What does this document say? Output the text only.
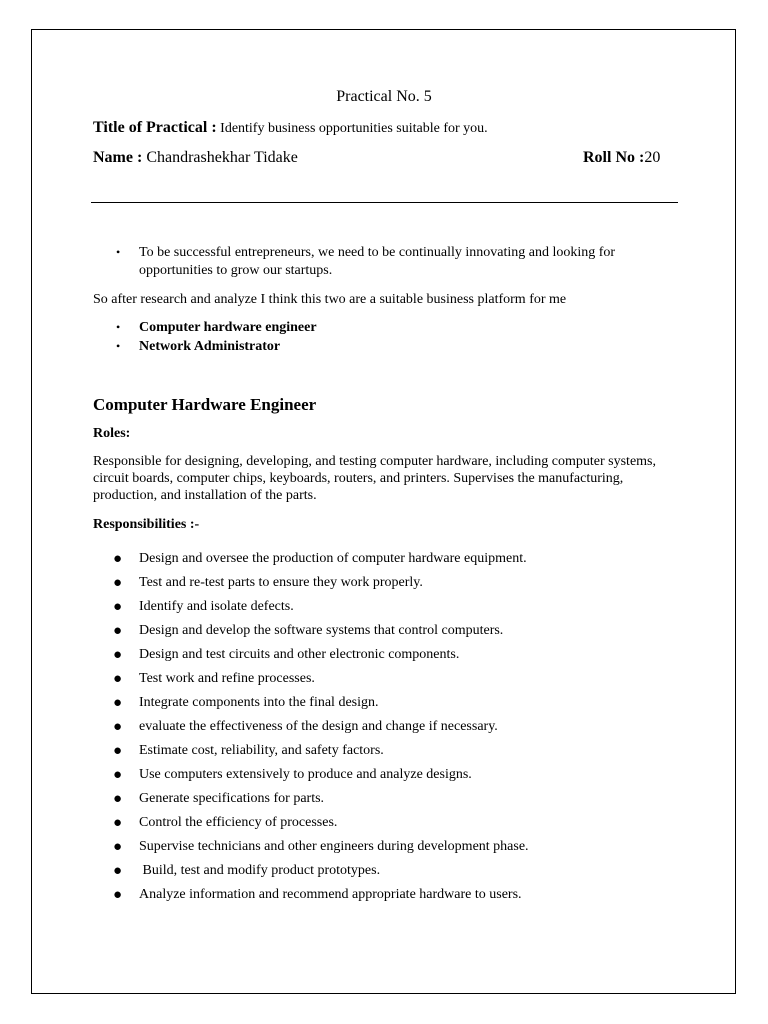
Practical No. 5
Title of Practical : Identify business opportunities suitable for you.
Name : Chandrashekhar Tidake	Roll No :20
• To be successful entrepreneurs, we need to be continually innovating and looking for
opportunities to grow our startups.
So after research and analyze I think this two are a suitable business platform for me
• Computer hardware engineer
• Network Administrator
Computer Hardware Engineer
Roles:
Responsible for designing, developing, and testing computer hardware, including computer systems, circuit boards, computer chips, keyboards, routers, and printers. Supervises the manufacturing, production, and installation of the parts.
Responsibilities :-
● Design and oversee the production of computer hardware equipment.
● Test and re-test parts to ensure they work properly.
● Identify and isolate defects.
● Design and develop the software systems that control computers.
● Design and test circuits and other electronic components.
● Test work and refine processes.
● Integrate components into the final design.
● evaluate the effectiveness of the design and change if necessary.
● Estimate cost, reliability, and safety factors.
● Use computers extensively to produce and analyze designs.
● Generate specifications for parts.
● Control the efficiency of processes.
● Supervise technicians and other engineers during development phase.
● Build, test and modify product prototypes.
● Analyze information and recommend appropriate hardware to users.
